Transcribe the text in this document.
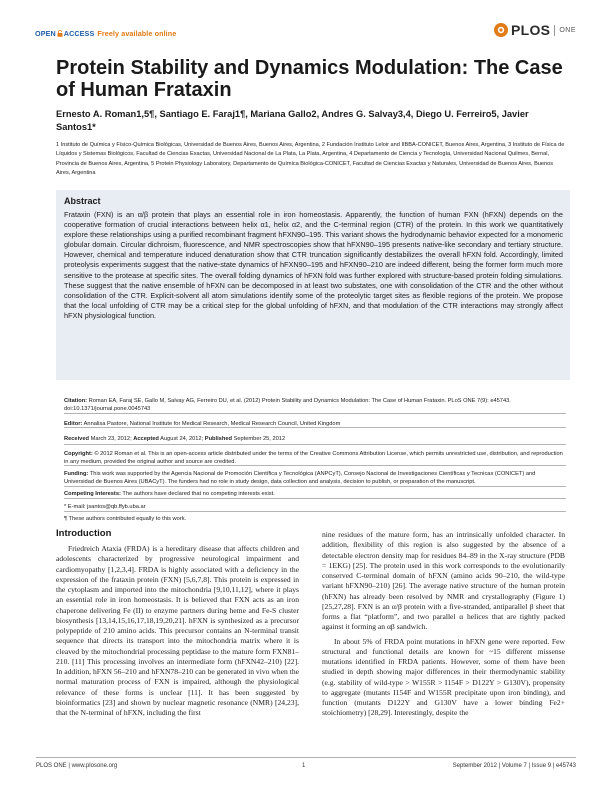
OPEN ACCESS Freely available online	PLOS ONE
Protein Stability and Dynamics Modulation: The Case of Human Frataxin
Ernesto A. Roman1,5¶, Santiago E. Faraj1¶, Mariana Gallo2, Andres G. Salvay3,4, Diego U. Ferreiro5, Javier Santos1*
1 Instituto de Química y Físico-Química Biológicas, Universidad de Buenos Aires, Buenos Aires, Argentina, 2 Fundación Instituto Leloir and IIBBA-CONICET, Buenos Aires, Argentina, 3 Instituto de Física de Líquidos y Sistemas Biológicos, Facultad de Ciencias Exactas, Universidad Nacional de La Plata, La Plata, Argentina, 4 Departamento de Ciencia y Tecnología, Universidad Nacional Quilmes, Bernal, Provincia de Buenos Aires, Argentina, 5 Protein Physiology Laboratory, Departamento de Química Biológica-CONICET, Facultad de Ciencias Exactas y Naturales, Universidad de Buenos Aires, Buenos Aires, Argentina
Abstract
Frataxin (FXN) is an α/β protein that plays an essential role in iron homeostasis. Apparently, the function of human FXN (hFXN) depends on the cooperative formation of crucial interactions between helix α1, helix α2, and the C-terminal region (CTR) of the protein. In this work we quantitatively explore these relationships using a purified recombinant fragment hFXN90–195. This variant shows the hydrodynamic behavior expected for a monomeric globular domain. Circular dichroism, fluorescence, and NMR spectroscopies show that hFXN90–195 presents native-like secondary and tertiary structure. However, chemical and temperature induced denaturation show that CTR truncation significantly destabilizes the overall hFXN fold. Accordingly, limited proteolysis experiments suggest that the native-state dynamics of hFXN90–195 and hFXN90–210 are indeed different, being the former form much more sensitive to the protease at specific sites. The overall folding dynamics of hFXN fold was further explored with structure-based protein folding simulations. These suggest that the native ensemble of hFXN can be decomposed in at least two substates, one with consolidation of the CTR and the other without consolidation of the CTR. Explicit-solvent all atom simulations identify some of the proteolytic target sites as flexible regions of the protein. We propose that the local unfolding of CTR may be a critical step for the global unfolding of hFXN, and that modulation of the CTR interactions may strongly affect hFXN physiological function.
Citation: Roman EA, Faraj SE, Gallo M, Salvay AG, Ferreiro DU, et al. (2012) Protein Stability and Dynamics Modulation: The Case of Human Frataxin. PLoS ONE 7(9): e45743. doi:10.1371/journal.pone.0045743
Editor: Annalisa Pastore, National Institute for Medical Research, Medical Research Council, United Kingdom
Received March 23, 2012; Accepted August 24, 2012; Published September 25, 2012
Copyright: © 2012 Roman et al. This is an open-access article distributed under the terms of the Creative Commons Attribution License, which permits unrestricted use, distribution, and reproduction in any medium, provided the original author and source are credited.
Funding: This work was supported by the Agencia Nacional de Promoción Científica y Tecnológica (ANPCyT), Consejo Nacional de Investigaciones Científicas y Tecnicas (CONICET) and Universidad de Buenos Aires (UBACyT). The funders had no role in study design, data collection and analysis, decision to publish, or preparation of the manuscript.
Competing Interests: The authors have declared that no competing interests exist.
* E-mail: jsantos@qb.ffyb.uba.ar
¶ These authors contributed equally to this work.
Introduction

Friedreich Ataxia (FRDA) is a hereditary disease that affects children and adolescents characterized by progressive neurological impairment and cardiomyopathy [1,2,3,4]. FRDA is highly associated with a deficiency in the expression of the frataxin protein (FXN) [5,6,7,8]. This protein is expressed in the cytoplasm and imported into the mitochondria [9,10,11,12], where it plays an essential role in iron homeostasis. It is believed that FXN acts as an iron chaperone delivering Fe (II) to enzyme partners during heme and Fe-S cluster biosynthesis [13,14,15,16,17,18,19,20,21]. hFXN is synthesized as a precursor polypeptide of 210 amino acids. This precursor contains an N-terminal transit sequence that directs its transport into the mitochondria matrix where it is cleaved by the mitochondrial processing peptidase to the mature form FXN81–210. [11] This processing involves an intermediate form (hFXN42–210) [22]. In addition, hFXN 56–210 and hFXN78–210 can be generated in vivo when the normal maturation process of FXN is impaired, although the physiological relevance of these forms is unclear [11]. It has been suggested by bioinformatics [23] and shown by nuclear magnetic resonance (NMR) [24,23], that the N-terminal of hFXN, including the first

nine residues of the mature form, has an intrinsically unfolded character. In addition, flexibility of this region is also suggested by the absence of a detectable electron density map for residues 84–89 in the X-ray structure (PDB = 1EKG) [25]. The protein used in this work corresponds to the evolutionarily conserved C-terminal domain of hFXN (amino acids 90–210, the wild-type variant hFXN90–210) [26]. The average native structure of the human protein (hFXN) has already been resolved by NMR and crystallography (Figure 1) [25,27,28]. FXN is an α/β protein with a five-stranded, antiparallel β sheet that forms a flat “platform”, and two parallel α helices that are tightly packed against it forming an αβ sandwich.

In about 5% of FRDA point mutations in hFXN gene were reported. Few structural and functional details are known for ~15 different missense mutations identified in FRDA patients. However, some of them have been studied in depth showing major differences in their thermodynamic stability (e.g. stability of wild-type > W155R > I154F > D122Y > G130V), propensity to aggregate (mutants I154F and W155R precipitate upon iron binding), and function (mutants D122Y and G130V have a lower binding Fe2+ stoichiometry) [28,29]. Interestingly, despite the

PLOS ONE | www.plosone.org	1	September 2012 | Volume 7 | Issue 9 | e45743
